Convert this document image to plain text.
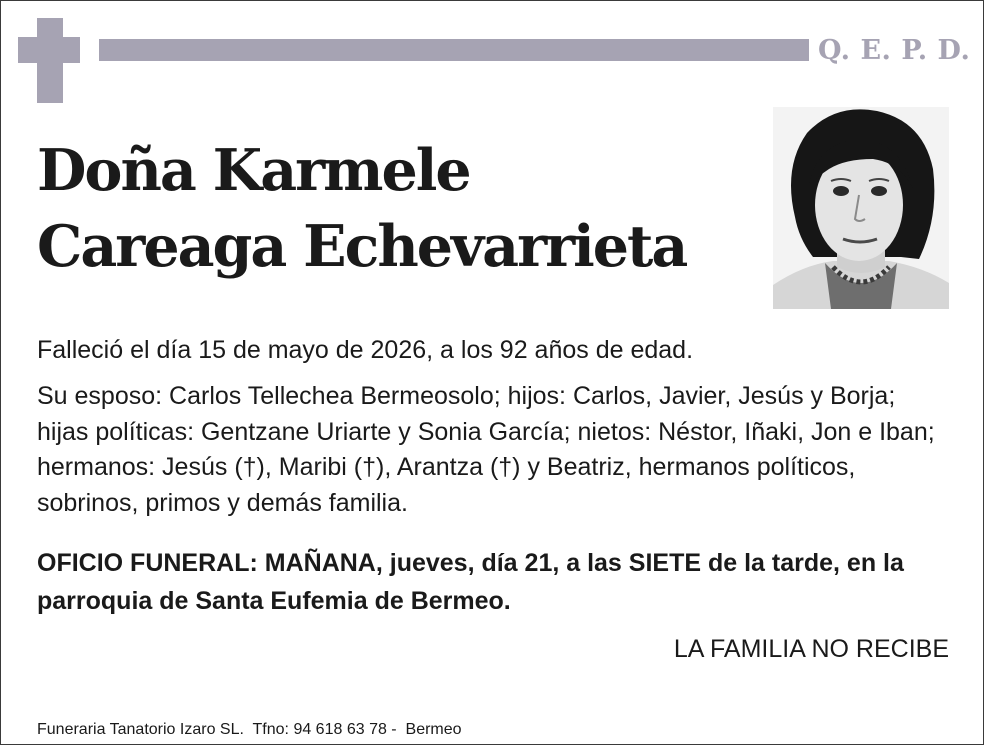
Q. E. P. D.
Doña Karmele
Careaga Echevarrieta
Falleció el día 15 de mayo de 2026, a los 92 años de edad.
Su esposo: Carlos Tellechea Bermeosolo; hijos: Carlos, Javier, Jesús y Borja; hijas políticas: Gentzane Uriarte y Sonia García; nietos: Néstor, Iñaki, Jon e Iban; hermanos: Jesús (†), Maribi (†), Arantza (†) y Beatriz, hermanos políticos, sobrinos, primos y demás familia.
OFICIO FUNERAL: MAÑANA, jueves, día 21, a las SIETE de la tarde, en la parroquia de Santa Eufemia de Bermeo.
LA FAMILIA NO RECIBE
Funeraria Tanatorio Izaro SL.  Tfno: 94 618 63 78 -  Bermeo
